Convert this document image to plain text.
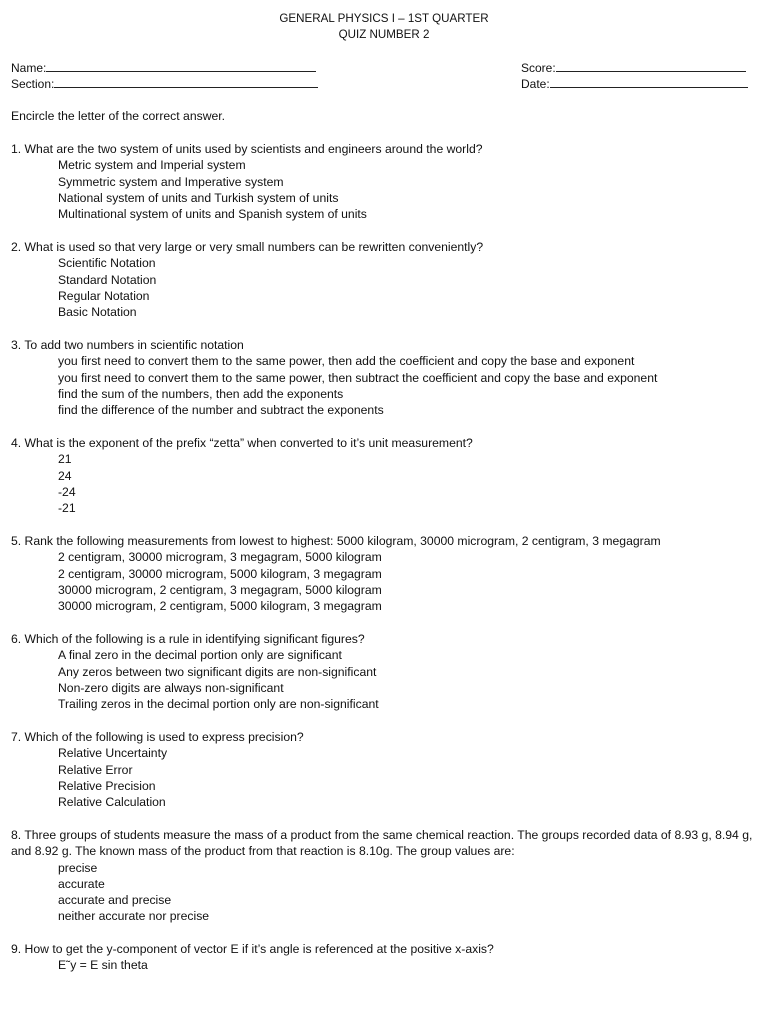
GENERAL PHYSICS I – 1ST QUARTER
QUIZ NUMBER 2
Name:
Section:
Score:
Date:
Encircle the letter of the correct answer.
1. What are the two system of units used by scientists and engineers around the world?
Metric system and Imperial system
Symmetric system and Imperative system
National system of units and Turkish system of units
Multinational system of units and Spanish system of units
2. What is used so that very large or very small numbers can be rewritten conveniently?
Scientific Notation
Standard Notation
Regular Notation
Basic Notation
3. To add two numbers in scientific notation
you first need to convert them to the same power, then add the coefficient and copy the base and exponent
you first need to convert them to the same power, then subtract the coefficient and copy the base and exponent
find the sum of the numbers, then add the exponents
find the difference of the number and subtract the exponents
4. What is the exponent of the prefix “zetta” when converted to it’s unit measurement?
21
24
-24
-21
5. Rank the following measurements from lowest to highest: 5000 kilogram, 30000 microgram, 2 centigram, 3 megagram
2 centigram, 30000 microgram, 3 megagram, 5000 kilogram
2 centigram, 30000 microgram, 5000 kilogram, 3 megagram
30000 microgram, 2 centigram, 3 megagram, 5000 kilogram
30000 microgram, 2 centigram, 5000 kilogram, 3 megagram
6. Which of the following is a rule in identifying significant figures?
A final zero in the decimal portion only are significant
Any zeros between two significant digits are non-significant
Non-zero digits are always non-significant
Trailing zeros in the decimal portion only are non-significant
7. Which of the following is used to express precision?
Relative Uncertainty
Relative Error
Relative Precision
Relative Calculation
8. Three groups of students measure the mass of a product from the same chemical reaction. The groups recorded data of 8.93 g, 8.94 g, and 8.92 g. The known mass of the product from that reaction is 8.10g. The group values are:
precise
accurate
accurate and precise
neither accurate nor precise
9. How to get the y-component of vector E if it’s angle is referenced at the positive x-axis?
E˜y = E sin theta
